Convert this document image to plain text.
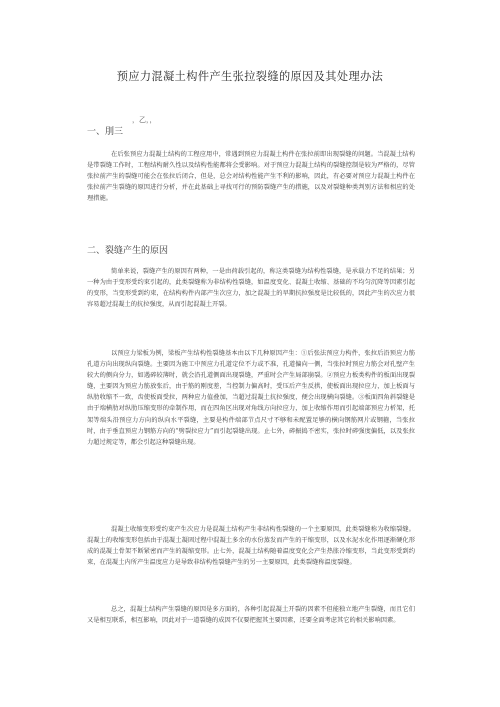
预应力混凝土构件产生张拉裂缝的原因及其处理办法
，乙，，
一、刖三

在后张预应力混凝土结构的工程应用中，常遇到预应力混凝土构件在张拉前即出现裂缝的问题。当混凝土结构是带裂缝工作时，工程结构耐久性以及结构性能都将会受影响。对于预应力混凝土结构的裂缝控制是较为严格的，尽管张拉前产生的裂缝可能会在张拉后闭合，但是，总会对结构性能产生不利的影响，因此，有必要对预应力混凝土构件在张拉前产生裂缝的原因进行分析，并在此基础上寻找可行的预防裂缝产生的措施，以及对裂缝种类判别方法和相应的处理措施。

二、裂缝产生的原因

简单来说，裂缝产生的原因有两种，一是由荷载引起的，称这类裂缝为结构性裂缝，是承载力不足的结果；另一种为由于变形受约束引起的，此类裂缝称为非结构性裂缝，如温度变化、混凝土收缩、基础的不均匀沉降等因素引起的变形，当变形受到约束，在结构构件内部产生次应力，加之混凝土的早期抗拉强度是比较低的，因此产生的次应力很容易超过混凝土的抗拉强度，从而引起混凝土开裂。

以预应力梁板为例，梁板产生结构性裂缝基本由以下几种原因产生：①后张法预应力构件，张拉后沿预应力筋孔道方向出现纵向裂缝。主要因为施工中预应力孔道定位不力或不准，孔道偏向一侧，当张拉时预应力筋会对孔壁产生较大的侧向分力，如遇碎较薄时，就会沿孔道侧面出现裂缝，严重时会产生局部崩裂。②预应力板类构件的板面出现裂缝，主要因为预应力筋放张后，由于筋的刚度差，当控制力偏高时，受压后产生反拱，使板面出现拉应力，加上板面与纵肋收缩不一致，齿使板面受拉，两种应力值叠加，当超过混凝土抗拉强度，便会出现横向裂缝。③板面四角斜裂缝是由于端横肋对纵肋压缩变形的牵制作用，而在四角区出现对角线方向拉应力，加上收缩作用而引起端部预应力析架，托架等端头沿预应力方向的纵向水平裂缝，主要是构件端部节点尺寸不够和未配置足够的横向钢筋网片或钢箍，当张拉时，由于垂直预应力钢筋方向的“劈裂拉应力”而引起裂缝出现。止七外，碎振捣不密实，张拉时碎强度偏低，以及张拉力超过规定等，都会引起这种裂缝出现。

混凝土收缩变形受约束产生次应力是混凝土结构产生非结构性裂缝的一个主要原因，此类裂缝称为收缩裂缝。混凝土的收缩变形包括由于混凝土凝固过程中混凝土多余的水份蒸发而产生的干缩变形，以及水泥水化作用逐渐硬化形成的混凝土骨架不断紧密而产生的凝缩变形。止七外，混凝土结构随着温度变化会产生热胀冷缩变形，当此变形受到约束，在混凝土内所产生温度应力是导致非结构性裂缝产生的另一主要原因，此类裂缝称温度裂缝。

总之，混凝土结构产生裂缝的原因是多方面的，各种引起混凝土开裂的因素不但能独立地产生裂缝，而且它们又是相互联系，相互影响，因此对于一道裂缝的成因不仅要把握其主要因素，还要全面考虑其它的相关影响因素。
